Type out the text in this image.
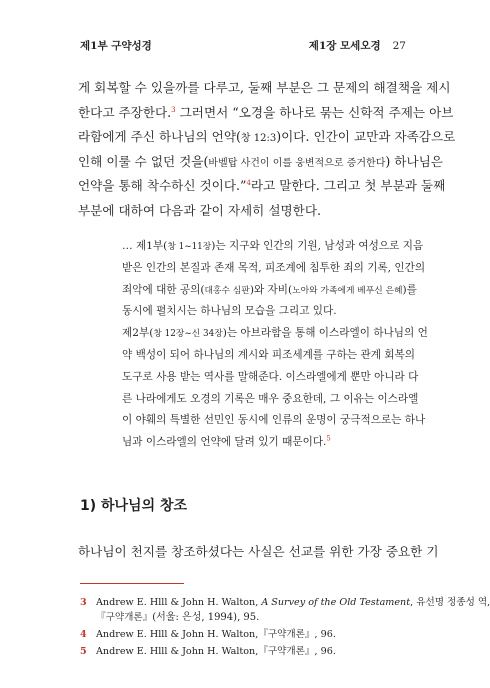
제1부 구약성경	제1장 모세오경 27
게 회복할 수 있을까를 다루고, 둘째 부분은 그 문제의 해결책을 제시
한다고 주장한다.$^3$ 그러면서 “오경을 하나로 묶는 신학적 주제는 아브
라함에게 주신 하나님의 언약(창 12:3)이다. 인간이 교만과 자족감으로
인해 이룰 수 없던 것을(바벨탑 사건이 이를 웅변적으로 증거한다) 하나님은
언약을 통해 착수하신 것이다.”$^4$라고 말한다. 그리고 첫 부분과 둘째
부분에 대하여 다음과 같이 자세히 설명한다.
… 제1부(창 1~11장)는 지구와 인간의 기원, 남성과 여성으로 지음
받은 인간의 본질과 존재 목적, 피조계에 침투한 죄의 기록, 인간의
죄악에 대한 공의(대홍수 심판)와 자비(노아와 가족에게 베푸신 은혜)를
동시에 펼치시는 하나님의 모습을 그리고 있다.
제2부(창 12장~신 34장)는 아브라함을 통해 이스라엘이 하나님의 언
약 백성이 되어 하나님의 계시와 피조세계를 구하는 관계 회복의
도구로 사용 받는 역사를 말해준다. 이스라엘에게 뿐만 아니라 다
른 나라에게도 오경의 기록은 매우 중요한데, 그 이유는 이스라엘
이 야훼의 특별한 선민인 동시에 인류의 운명이 궁극적으로는 하나
님과 이스라엘의 언약에 달려 있기 때문이다.$^5$
1) 하나님의 창조
하나님이 천지를 창조하셨다는 사실은 선교를 위한 가장 중요한 기
3 Andrew E. Hlll & John H. Walton, A Survey of the Old Testament, 유선명 정종성 역,
『구약개론』(서울: 은성, 1994), 95.
4 Andrew E. Hlll & John H. Walton,『구약개론』, 96.
5 Andrew E. Hlll & John H. Walton,『구약개론』, 96.
